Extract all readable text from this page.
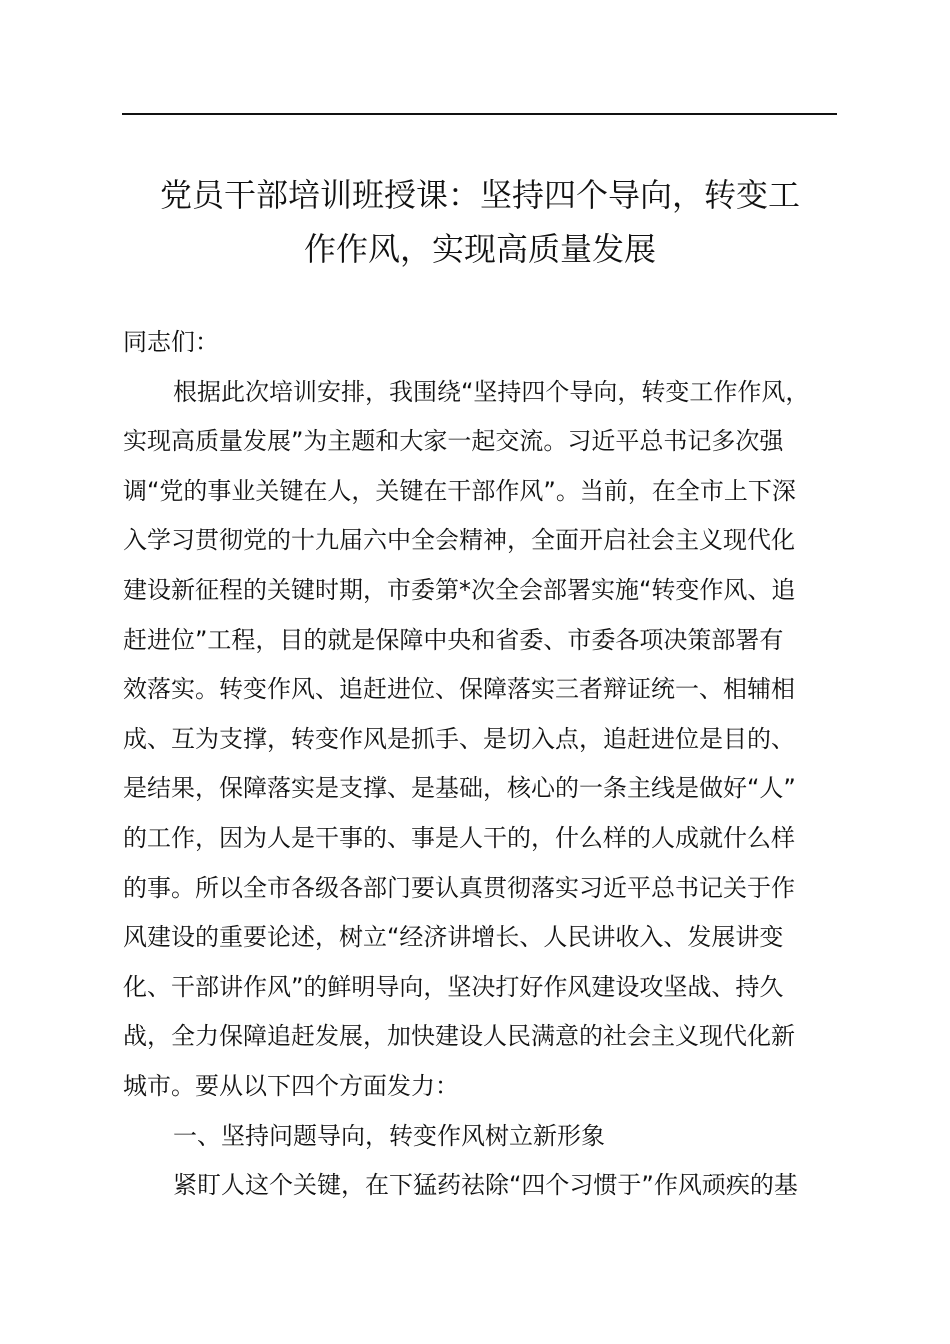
党员干部培训班授课：坚持四个导向，转变工
作作风，实现高质量发展
同志们：
根据此次培训安排，我围绕“坚持四个导向，转变工作作风，
实现高质量发展”为主题和大家一起交流。习近平总书记多次强
调“党的事业关键在人，关键在干部作风”。当前，在全市上下深
入学习贯彻党的十九届六中全会精神，全面开启社会主义现代化
建设新征程的关键时期，市委第*次全会部署实施“转变作风、追
赶进位”工程，目的就是保障中央和省委、市委各项决策部署有
效落实。转变作风、追赶进位、保障落实三者辩证统一、相辅相
成、互为支撑，转变作风是抓手、是切入点，追赶进位是目的、
是结果，保障落实是支撑、是基础，核心的一条主线是做好“人”
的工作，因为人是干事的、事是人干的，什么样的人成就什么样
的事。所以全市各级各部门要认真贯彻落实习近平总书记关于作
风建设的重要论述，树立“经济讲增长、人民讲收入、发展讲变
化、干部讲作风”的鲜明导向，坚决打好作风建设攻坚战、持久
战，全力保障追赶发展，加快建设人民满意的社会主义现代化新
城市。要从以下四个方面发力：
一、坚持问题导向，转变作风树立新形象
紧盯人这个关键，在下猛药祛除“四个习惯于”作风顽疾的基
